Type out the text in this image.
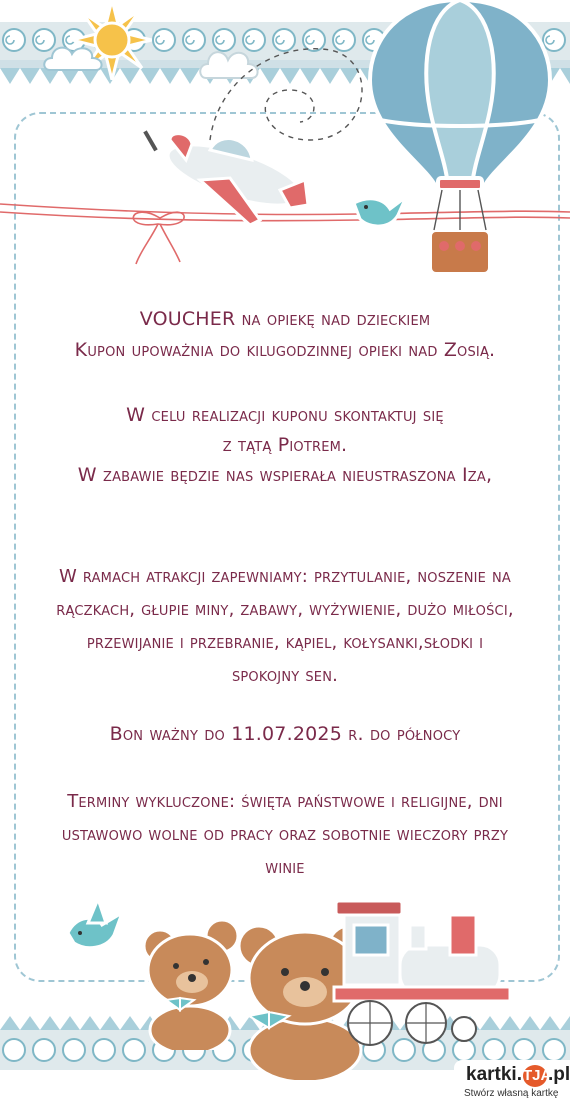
VOUCHER na opiekę nad dzieckiem
Kupon upoważnia do kilugodzinnej opieki nad Zosią.
W celu realizacji kuponu skontaktuj się
z tątą Piotrem.
W zabawie będzie nas wspierała nieustraszona Iza,
W ramach atrakcji zapewniamy: przytulanie, noszenie na
rączkach, głupie miny, zabawy, wyżywienie, dużo miłości,
przewijanie i przebranie, kąpiel, kołysanki,słodki i
spokojny sen.
Bon ważny do 11.07.2025 r. do północy
Terminy wykluczone: święta państwowe i religijne, dni
ustawowo wolne od pracy oraz sobotnie wieczory przy
winie
kartki.TJA.pl
Stwórz własną kartkę
